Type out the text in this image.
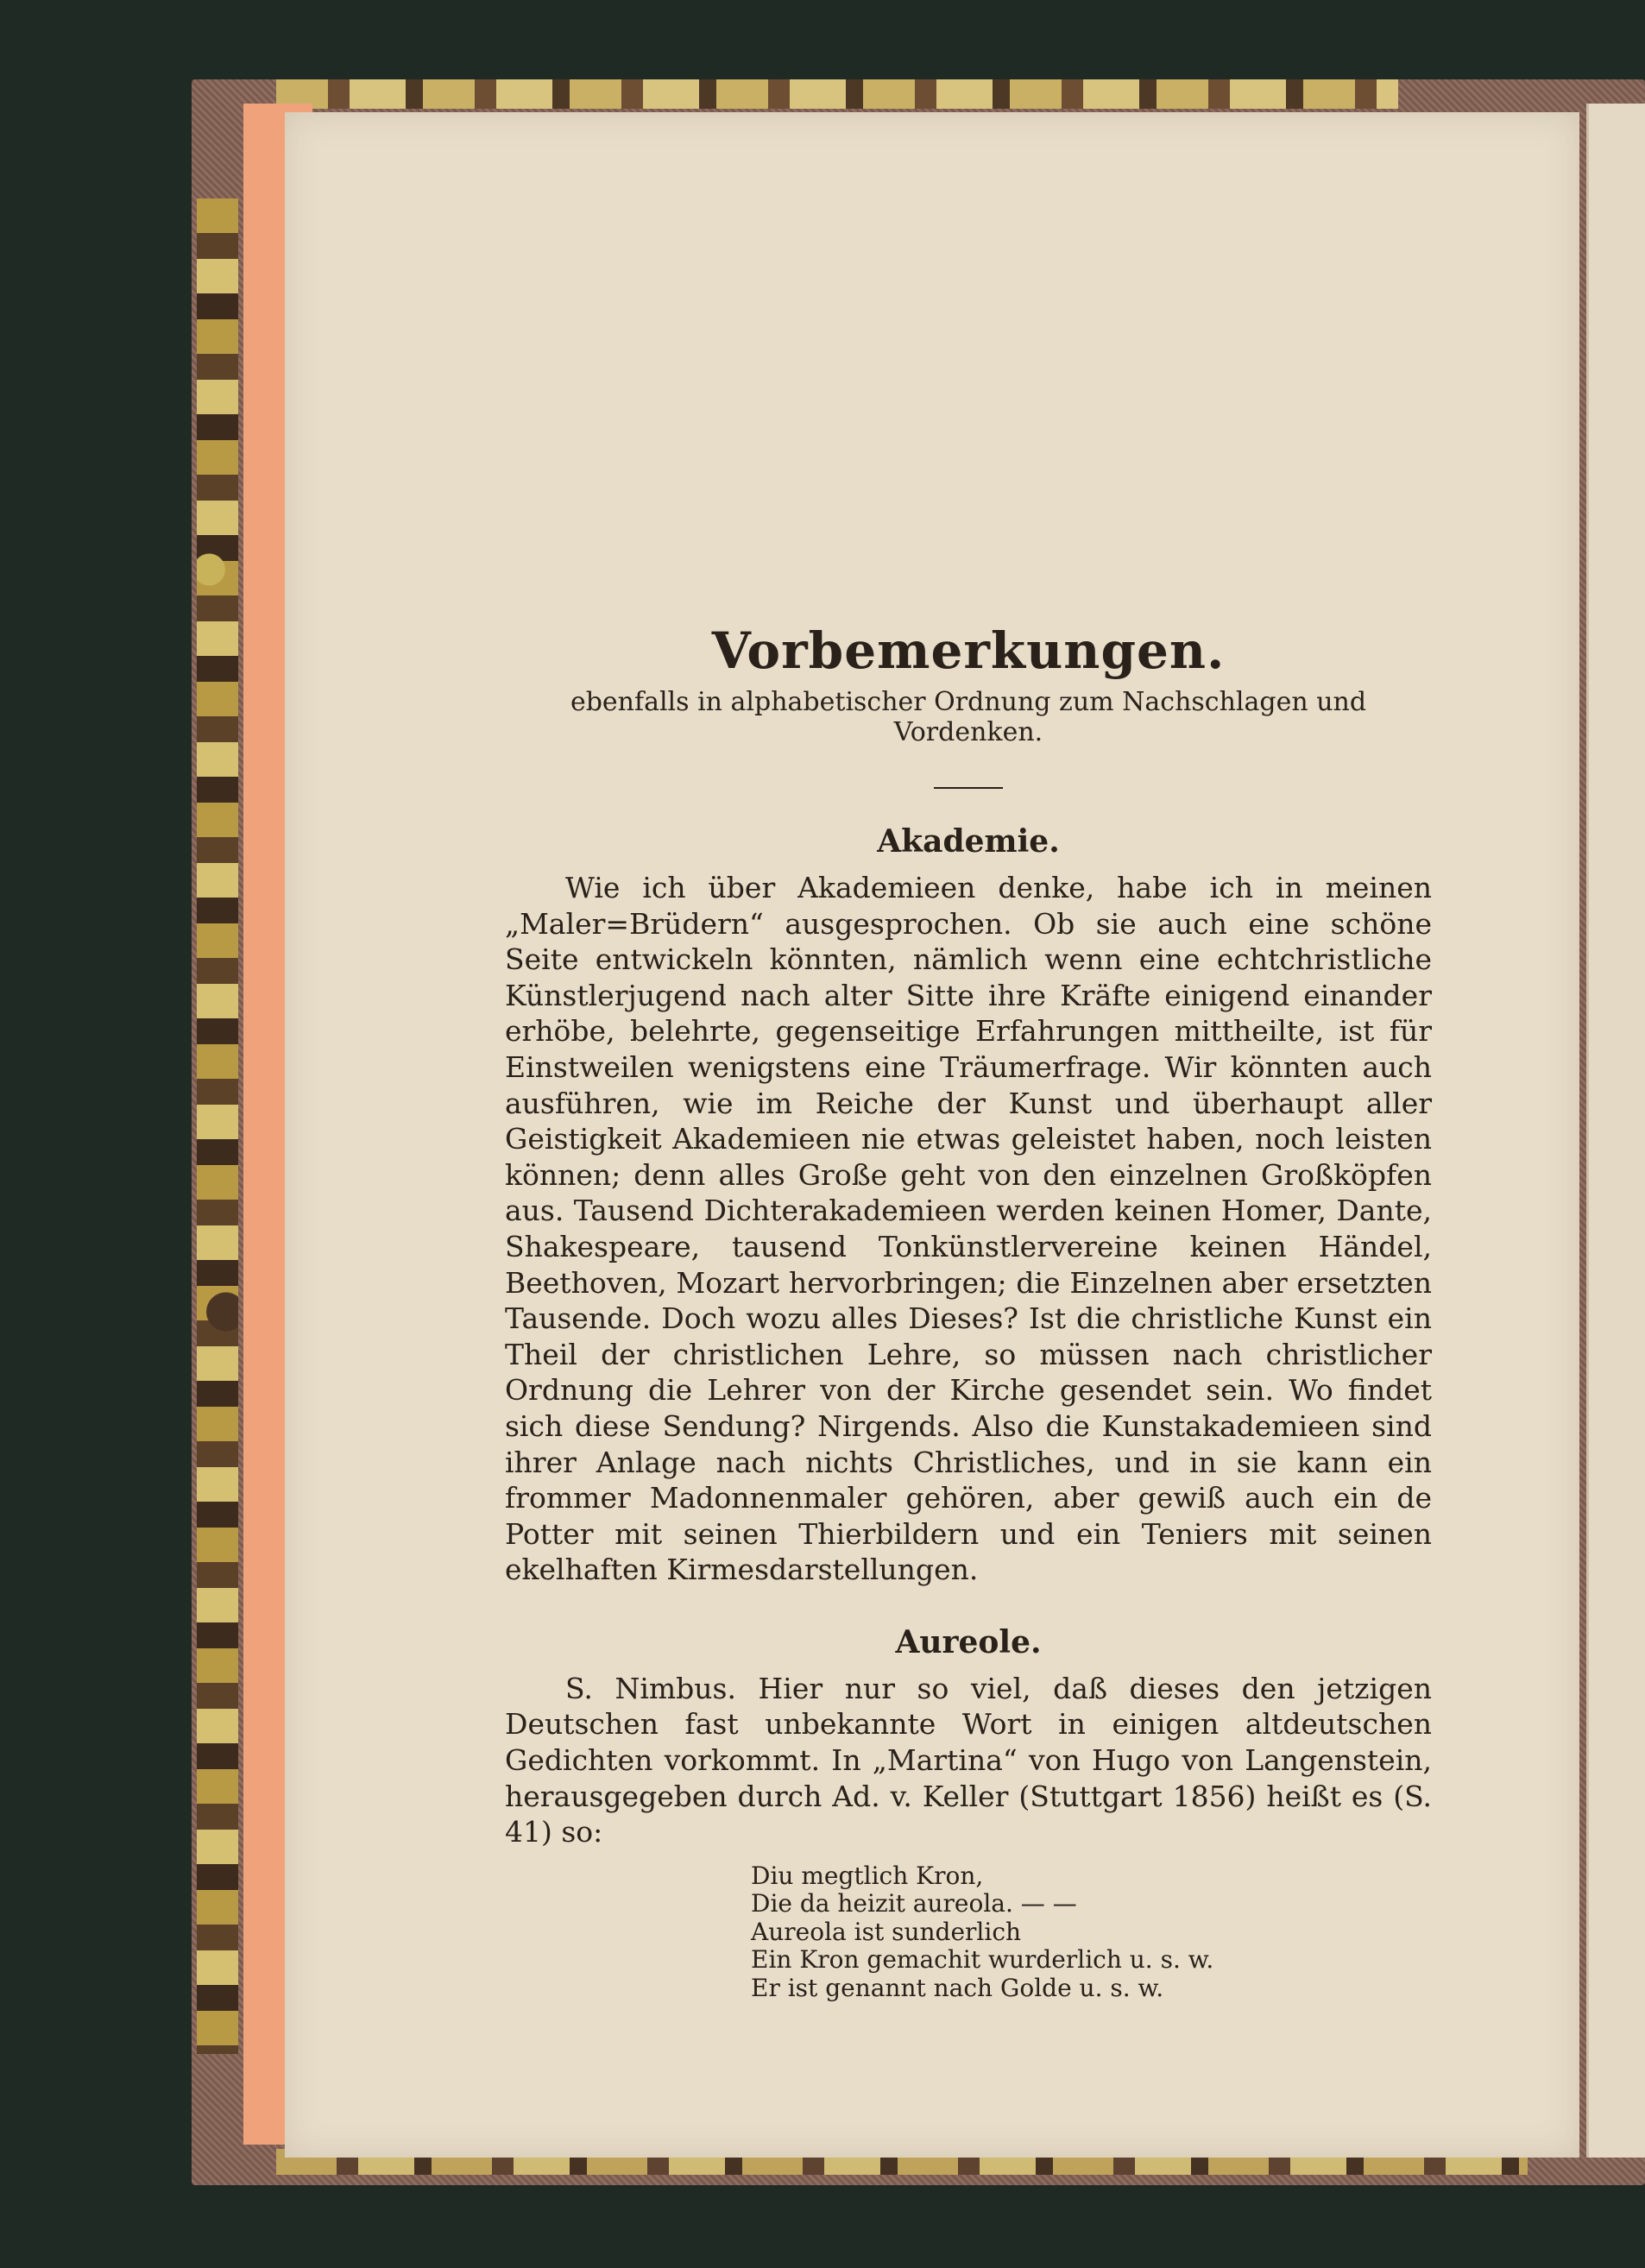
Vorbemerkungen.

ebenfalls in alphabetischer Ordnung zum Nachschlagen und Vordenken.

Akademie.

Wie ich über Akademieen denke, habe ich in meinen „Maler=Brüdern“ ausgesprochen. Ob sie auch eine schöne Seite entwickeln könnten, nämlich wenn eine echtchristliche Künstlerjugend nach alter Sitte ihre Kräfte einigend einander erhöbe, belehrte, gegenseitige Erfahrungen mittheilte, ist für Einstweilen wenigstens eine Träumerfrage. Wir könnten auch ausführen, wie im Reiche der Kunst und überhaupt aller Geistigkeit Akademieen nie etwas geleistet haben, noch leisten können; denn alles Große geht von den einzelnen Großköpfen aus. Tausend Dichterakademieen werden keinen Homer, Dante, Shakespeare, tausend Tonkünstlervereine keinen Händel, Beethoven, Mozart hervorbringen; die Einzelnen aber ersetzten Tausende. Doch wozu alles Dieses? Ist die christliche Kunst ein Theil der christlichen Lehre, so müssen nach christlicher Ordnung die Lehrer von der Kirche gesendet sein. Wo findet sich diese Sendung? Nirgends. Also die Kunstakademieen sind ihrer Anlage nach nichts Christliches, und in sie kann ein frommer Madonnenmaler gehören, aber gewiß auch ein de Potter mit seinen Thierbildern und ein Teniers mit seinen ekelhaften Kirmesdarstellungen.

Aureole.

S. Nimbus. Hier nur so viel, daß dieses den jetzigen Deutschen fast unbekannte Wort in einigen altdeutschen Gedichten vorkommt. In „Martina“ von Hugo von Langenstein, herausgegeben durch Ad. v. Keller (Stuttgart 1856) heißt es (S. 41) so:

Diu megtlich Kron,
Die da heizit aureola. — —
Aureola ist sunderlich
Ein Kron gemachit wurderlich u. s. w.
Er ist genannt nach Golde u. s. w.
